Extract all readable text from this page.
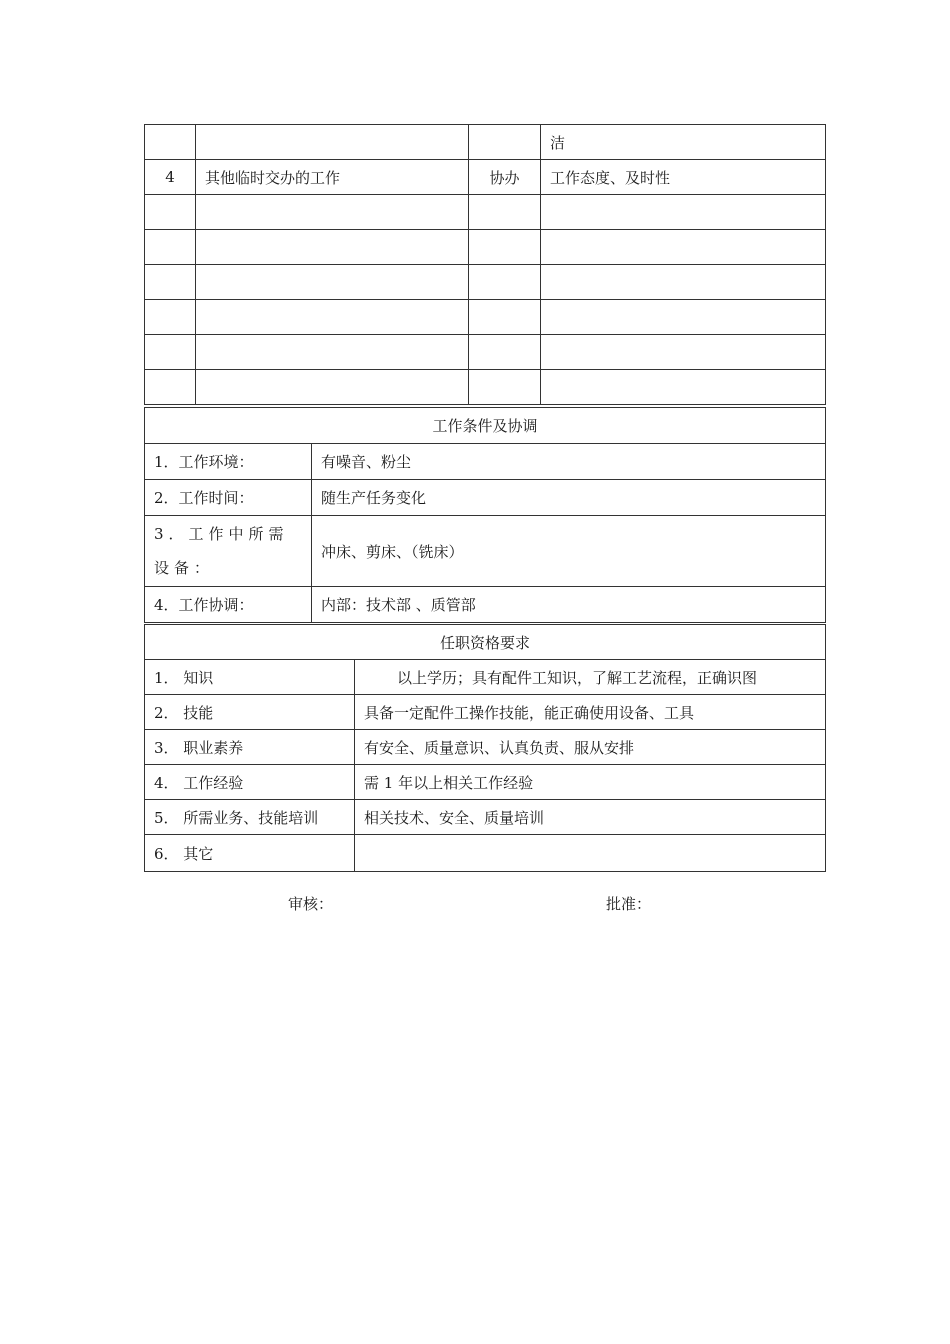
			洁
4	其他临时交办的工作	协办	工作态度、及时性

工作条件及协调	
1．工作环境：	有噪音、粉尘
2．工作时间：	随生产任务变化
3．工作中所需设备：	冲床、剪床、（铣床）
4．工作协调：	内部：技术部 、质管部
任职资格要求	
1． 知识	以上学历；具有配件工知识，了解工艺流程，正确识图
2． 技能	具备一定配件工操作技能，能正确使用设备、工具
3． 职业素养	有安全、质量意识、认真负责、服从安排
4． 工作经验	需 1 年以上相关工作经验
5． 所需业务、技能培训	相关技术、安全、质量培训
6． 其它	
审核：	批准：
